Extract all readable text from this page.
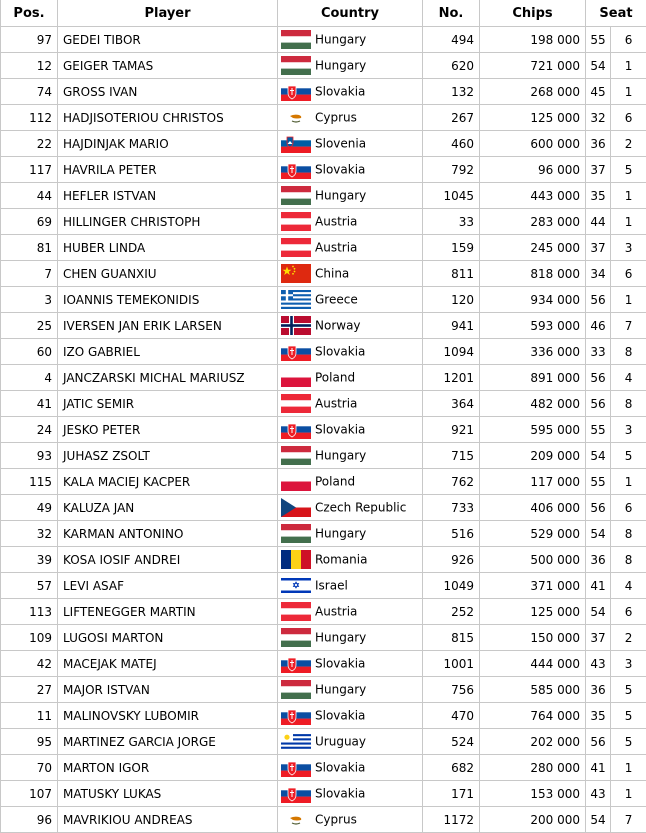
Pos.	Player	Country	No.	Chips	Seat	
97	GEDEI TIBOR	Hungary	494	198 000	55	6
12	GEIGER TAMAS	Hungary	620	721 000	54	1
74	GROSS IVAN	Slovakia	132	268 000	45	1
112	HADJISOTERIOU CHRISTOS	Cyprus	267	125 000	32	6
22	HAJDINJAK MARIO	Slovenia	460	600 000	36	2
117	HAVRILA PETER	Slovakia	792	96 000	37	5
44	HEFLER ISTVAN	Hungary	1045	443 000	35	1
69	HILLINGER CHRISTOPH	Austria	33	283 000	44	1
81	HUBER LINDA	Austria	159	245 000	37	3
7	CHEN GUANXIU	China	811	818 000	34	6
3	IOANNIS TEMEKONIDIS	Greece	120	934 000	56	1
25	IVERSEN JAN ERIK LARSEN	Norway	941	593 000	46	7
60	IZO GABRIEL	Slovakia	1094	336 000	33	8
4	JANCZARSKI MICHAL MARIUSZ	Poland	1201	891 000	56	4
41	JATIC SEMIR	Austria	364	482 000	56	8
24	JESKO PETER	Slovakia	921	595 000	55	3
93	JUHASZ ZSOLT	Hungary	715	209 000	54	5
115	KALA MACIEJ KACPER	Poland	762	117 000	55	1
49	KALUZA JAN	Czech Republic	733	406 000	56	6
32	KARMAN ANTONINO	Hungary	516	529 000	54	8
39	KOSA IOSIF ANDREI	Romania	926	500 000	36	8
57	LEVI ASAF	Israel	1049	371 000	41	4
113	LIFTENEGGER MARTIN	Austria	252	125 000	54	6
109	LUGOSI MARTON	Hungary	815	150 000	37	2
42	MACEJAK MATEJ	Slovakia	1001	444 000	43	3
27	MAJOR ISTVAN	Hungary	756	585 000	36	5
11	MALINOVSKY LUBOMIR	Slovakia	470	764 000	35	5
95	MARTINEZ GARCIA JORGE	Uruguay	524	202 000	56	5
70	MARTON IGOR	Slovakia	682	280 000	41	1
107	MATUSKY LUKAS	Slovakia	171	153 000	43	1
96	MAVRIKIOU ANDREAS	Cyprus	1172	200 000	54	7
